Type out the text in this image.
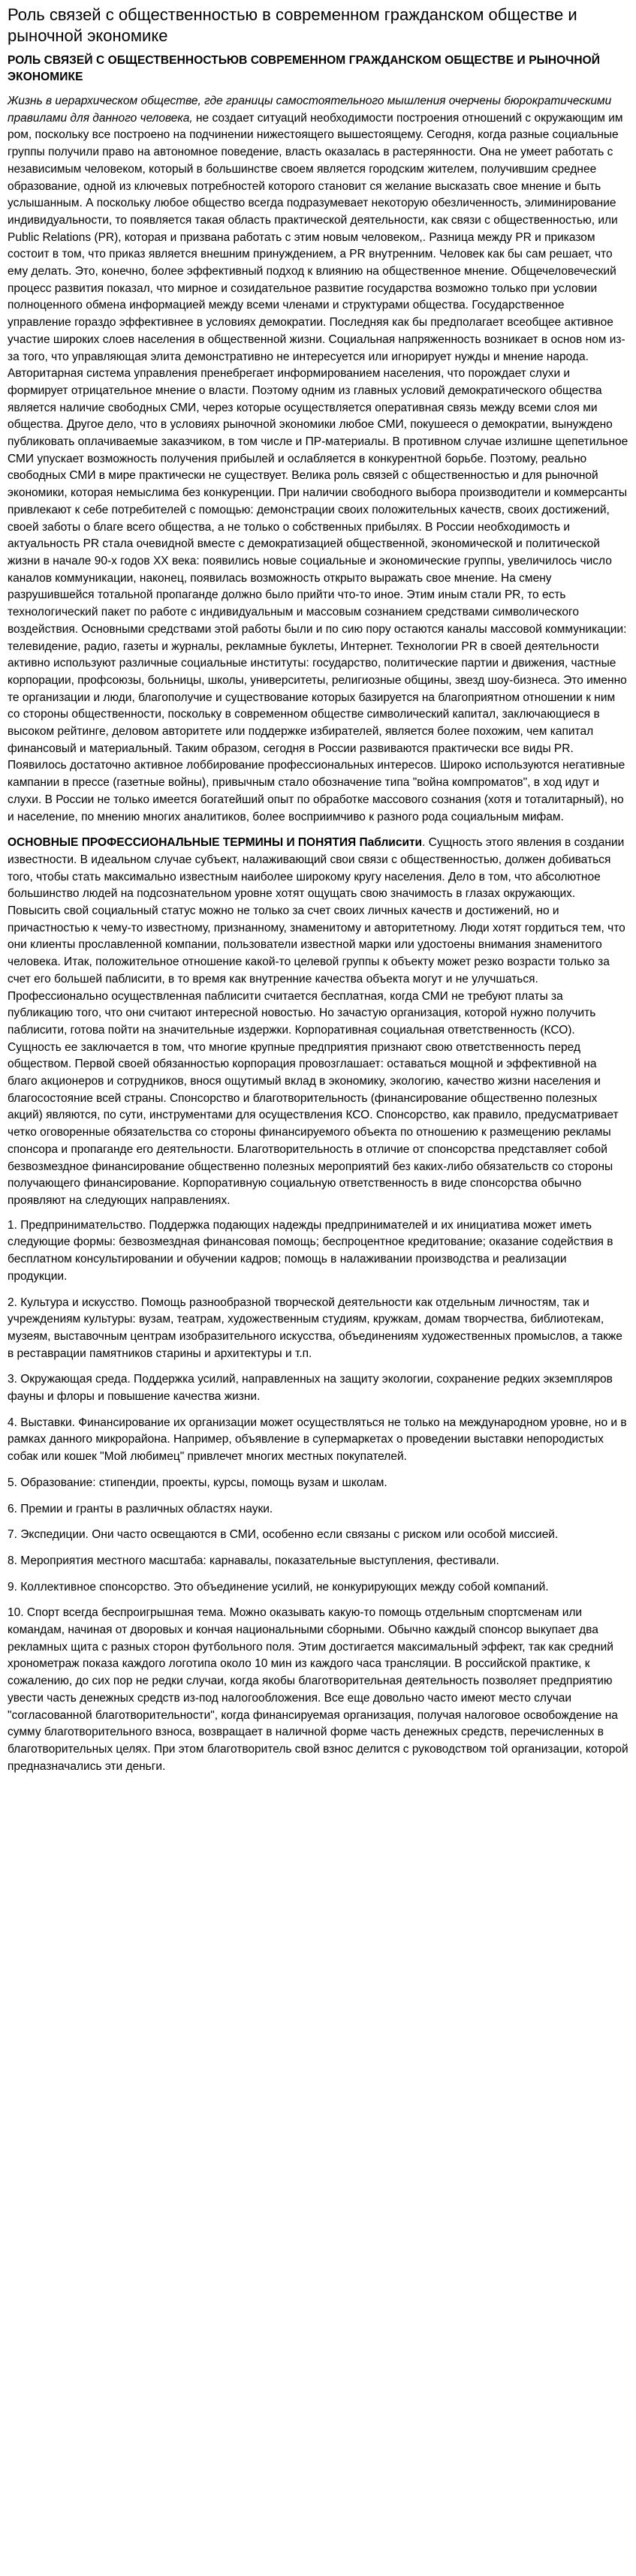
Роль связей с общественностью в современном гражданском обществе и рыночной экономике
РОЛЬ СВЯЗЕЙ С ОБЩЕСТВЕННОСТЬЮВ СОВРЕМЕННОМ ГРАЖДАНСКОМ ОБЩЕСТВЕ И РЫНОЧНОЙ ЭКОНОМИКЕ

Жизнь в иерархическом обществе, где границы самостоятельного мышления очерчены бюрократическими правилами для данного человека, не создает ситуаций необходимости построения отношений с окружающим им ром, поскольку все построено на подчинении нижестоящего вышестоящему. Сегодня, когда разные социальные группы получили право на автономное поведение, власть оказалась в растерянности. Она не умеет работать с независимым человеком, который в большинстве своем является городским жителем, получившим среднее образование, одной из ключевых потребностей которого становит ся желание высказать свое мнение и быть услышанным. А поскольку любое общество всегда подразумевает некоторую обезличенность, элиминирование индивидуальности, то появляется такая область практической деятельности, как связи с общественностью, или Public Relations (PR), которая и призвана работать с этим новым человеком,. Разница между PR и приказом состоит в том, что приказ является внешним принуждением, а PR внутренним. Человек как бы сам решает, что ему делать. Это, конечно, более эффективный подход к влиянию на общественное мнение. Общечеловеческий процесс развития показал, что мирное и созидательное развитие государства возможно только при условии полноценного обмена информацией между всеми членами и структурами общества. Государственное управление гораздо эффективнее в условиях демократии. Последняя как бы предполагает всеобщее активное участие широких слоев населения в общественной жизни. Социальная напряженность возникает в основ ном из-за того, что управляющая элита демонстративно не интересуется или игнорирует нужды и мнение народа. Авторитарная система управления пренебрегает информированием населения, что порождает слухи и формирует отрицательное мнение о власти. Поэтому одним из главных условий демократического общества является наличие свободных СМИ, через которые осуществляется оперативная связь между всеми слоя ми общества. Другое дело, что в условиях рыночной экономики любое СМИ, покушееся о демократии, вынуждено публиковать оплачиваемые заказчиком, в том числе и ПР-материалы. В противном случае излишне щепетильное СМИ упускает возможность получения прибылей и ослабляется в конкурентной борьбе. Поэтому, реально свободных СМИ в мире практически не существует. Велика роль связей с общественностью и для рыночной экономики, которая немыслима без конкуренции. При наличии свободного выбора производители и коммерсанты привлекают к себе потребителей с помощью: демонстрации своих положительных качеств, своих достижений, своей заботы о благе всего общества, а не только о собственных прибылях. В России необходимость и актуальность PR стала очевидной вместе с демократизацией общественной, экономической и политической жизни в начале 90-х годов XX века: появились новые социальные и экономические группы, увеличилось число каналов коммуникации, наконец, появилась возможность открыто выражать свое мнение. На смену разрушившейся тотальной пропаганде должно было прийти что-то иное. Этим иным стали PR, то есть технологический пакет по работе с индивидуальным и массовым сознанием средствами символического воздействия. Основными средствами этой работы были и по сию пору остаются каналы массовой коммуникации: телевидение, радио, газеты и журналы, рекламные буклеты, Интернет. Технологии PR в своей деятельности активно используют различные социальные институты: государство, политические партии и движения, частные корпорации, профсоюзы, больницы, школы, университеты, религиозные общины, звезд шоу-бизнеса. Это именно те организации и люди, благополучие и существование которых базируется на благоприятном отношении к ним со стороны общественности, поскольку в современном обществе символический капитал, заключающиеся в высоком рейтинге, деловом авторитете или поддержке избирателей, является более похожим, чем капитал финансовый и материальный. Таким образом, сегодня в России развиваются практически все виды PR. Появилось достаточно активное лоббирование профессиональных интересов. Широко используются негативные кампании в прессе (газетные войны), привычным стало обозначение типа "война компроматов", в ход идут и слухи. В России не только имеется богатейший опыт по обработке массового сознания (хотя и тоталитарный), но и население, по мнению многих аналитиков, более восприимчиво к разного рода социальным мифам.

ОСНОВНЫЕ ПРОФЕССИОНАЛЬНЫЕ ТЕРМИНЫ И ПОНЯТИЯ Паблисити. Сущность этого явления в создании известности. В идеальном случае субъект, налаживающий свои связи с общественностью, должен добиваться того, чтобы стать максимально известным наиболее широкому кругу населения. Дело в том, что абсолютное большинство людей на подсознательном уровне хотят ощущать свою значимость в глазах окружающих. Повысить свой социальный статус можно не только за счет своих личных качеств и достижений, но и причастностью к чему-то известному, признанному, знаменитому и авторитетному. Люди хотят гордиться тем, что они клиенты прославленной компании, пользователи известной марки или удостоены внимания знаменитого человека. Итак, положительное отношение какой-то целевой группы к объекту может резко возрасти только за счет его большей паблисити, в то время как внутренние качества объекта могут и не улучшаться. Профессионально осуществленная паблисити считается бесплатная, когда СМИ не требуют платы за публикацию того, что они считают интересной новостью. Но зачастую организация, которой нужно получить паблисити, готова пойти на значительные издержки. Корпоративная социальная ответственность (КСО). Сущность ее заключается в том, что многие крупные предприятия признают свою ответственность перед обществом. Первой своей обязанностью корпорация провозглашает: оставаться мощной и эффективной на благо акционеров и сотрудников, внося ощутимый вклад в экономику, экологию, качество жизни населения и благосостояние всей страны. Спонсорство и благотворительность (финансирование общественно полезных акций) являются, по сути, инструментами для осуществления КСО. Спонсорство, как правило, предусматривает четко оговоренные обязательства со стороны финансируемого объекта по отношению к размещению рекламы спонсора и пропаганде его деятельности. Благотворительность в отличие от спонсорства представляет собой безвозмездное финансирование общественно полезных мероприятий без каких-либо обязательств со стороны получающего финансирование. Корпоративную социальную ответственность в виде спонсорства обычно проявляют на следующих направлениях.

1. Предпринимательство. Поддержка подающих надежды предпринимателей и их инициатива может иметь следующие формы: безвозмездная финансовая помощь; беспроцентное кредитование; оказание содействия в бесплатном консультировании и обучении кадров; помощь в налаживании производства и реализации продукции.

2. Культура и искусство. Помощь разнообразной творческой деятельности как отдельным личностям, так и учреждениям культуры: вузам, театрам, художественным студиям, кружкам, домам творчества, библиотекам, музеям, выставочным центрам изобразительного искусства, объединениям художественных промыслов, а также в реставрации памятников старины и архитектуры и т.п.

3. Окружающая среда. Поддержка усилий, направленных на защиту экологии, сохранение редких экземпляров фауны и флоры и повышение качества жизни.

4. Выставки. Финансирование их организации может осуществляться не только на международном уровне, но и в рамках данного микрорайона. Например, объявление в супермаркетах о проведении выставки непородистых собак или кошек "Мой любимец" привлечет многих местных покупателей.

5. Образование: стипендии, проекты, курсы, помощь вузам и школам.

6. Премии и гранты в различных областях науки.

7. Экспедиции. Они часто освещаются в СМИ, особенно если связаны с риском или особой миссией.

8. Мероприятия местного масштаба: карнавалы, показательные выступления, фестивали.

9. Коллективное спонсорство. Это объединение усилий, не конкурирующих между собой компаний.

10. Спорт всегда беспроигрышная тема. Можно оказывать какую-то помощь отдельным спортсменам или командам, начиная от дворовых и кончая национальными сборными. Обычно каждый спонсор выкупает два рекламных щита с разных сторон футбольного поля. Этим достигается максимальный эффект, так как средний хронометраж показа каждого логотипа около 10 мин из каждого часа трансляции. В российской практике, к сожалению, до сих пор не редки случаи, когда якобы благотворительная деятельность позволяет предприятию увести часть денежных средств из-под налогообложения. Все еще довольно часто имеют место случаи "согласованной благотворительности", когда финансируемая организация, получая налоговое освобождение на сумму благотворительного взноса, возвращает в наличной форме часть денежных средств, перечисленных в благотворительных целях. При этом благотворитель свой взнос делится с руководством той организации, которой предназначались эти деньги.
